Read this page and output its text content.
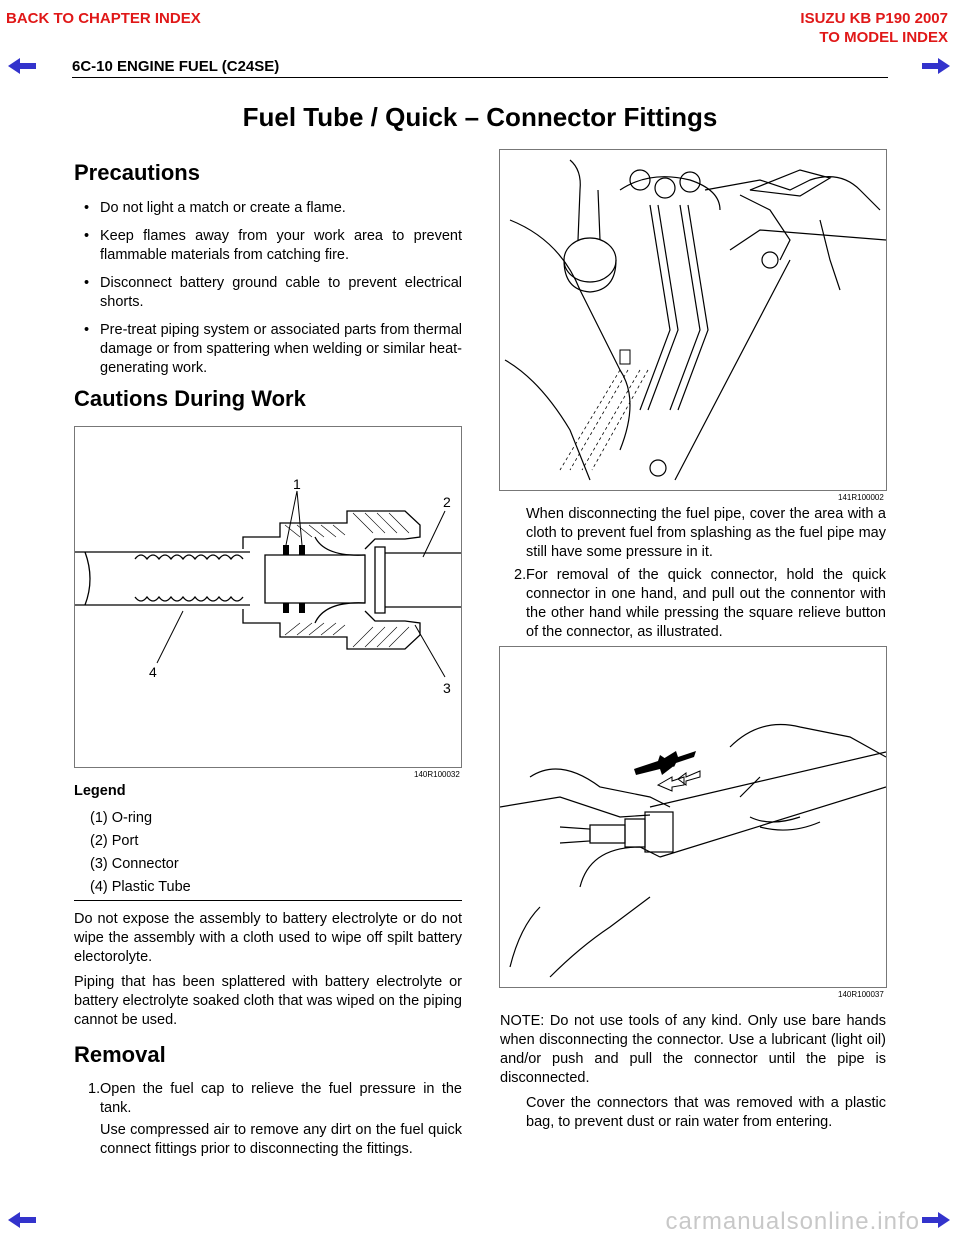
BACK TO CHAPTER INDEX	ISUZU KB P190 2007
TO MODEL INDEX
6C-10 ENGINE FUEL (C24SE)
Fuel Tube / Quick – Connector Fittings
Precautions
• Do not light a match or create a flame.
• Keep flames away from your work area to prevent flammable materials from catching fire.
• Disconnect battery ground cable to prevent electrical shorts.
• Pre-treat piping system or associated parts from thermal damage or from spattering when welding or similar heat-generating work.
Cautions During Work
1
2
3
4
140R100032
Legend
(1) O-ring
(2) Port
(3) Connector
(4) Plastic Tube

Do not expose the assembly to battery electrolyte or do not wipe the assembly with a cloth used to wipe off spilt battery electorolyte.

Piping that has been splattered with battery electrolyte or battery electrolyte soaked cloth that was wiped on the piping cannot be used.

Removal
1. Open the fuel cap to relieve the fuel pressure in the tank.
Use compressed air to remove any dirt on the fuel quick connect fittings prior to disconnecting the fittings.
141R100002
When disconnecting the fuel pipe, cover the area with a cloth to prevent fuel from splashing as the fuel pipe may still have some pressure in it.
2. For removal of the quick connector, hold the quick connector in one hand, and pull out the connentor with the other hand while pressing the square relieve button of the connector, as illustrated.
140R100037

NOTE: Do not use tools of any kind. Only use bare hands when disconnecting the connector. Use a lubricant (light oil) and/or push and pull the connector until the pipe is disconnected.

Cover the connectors that was removed with a plastic bag, to prevent dust or rain water from entering.
carmanualsonline.info
